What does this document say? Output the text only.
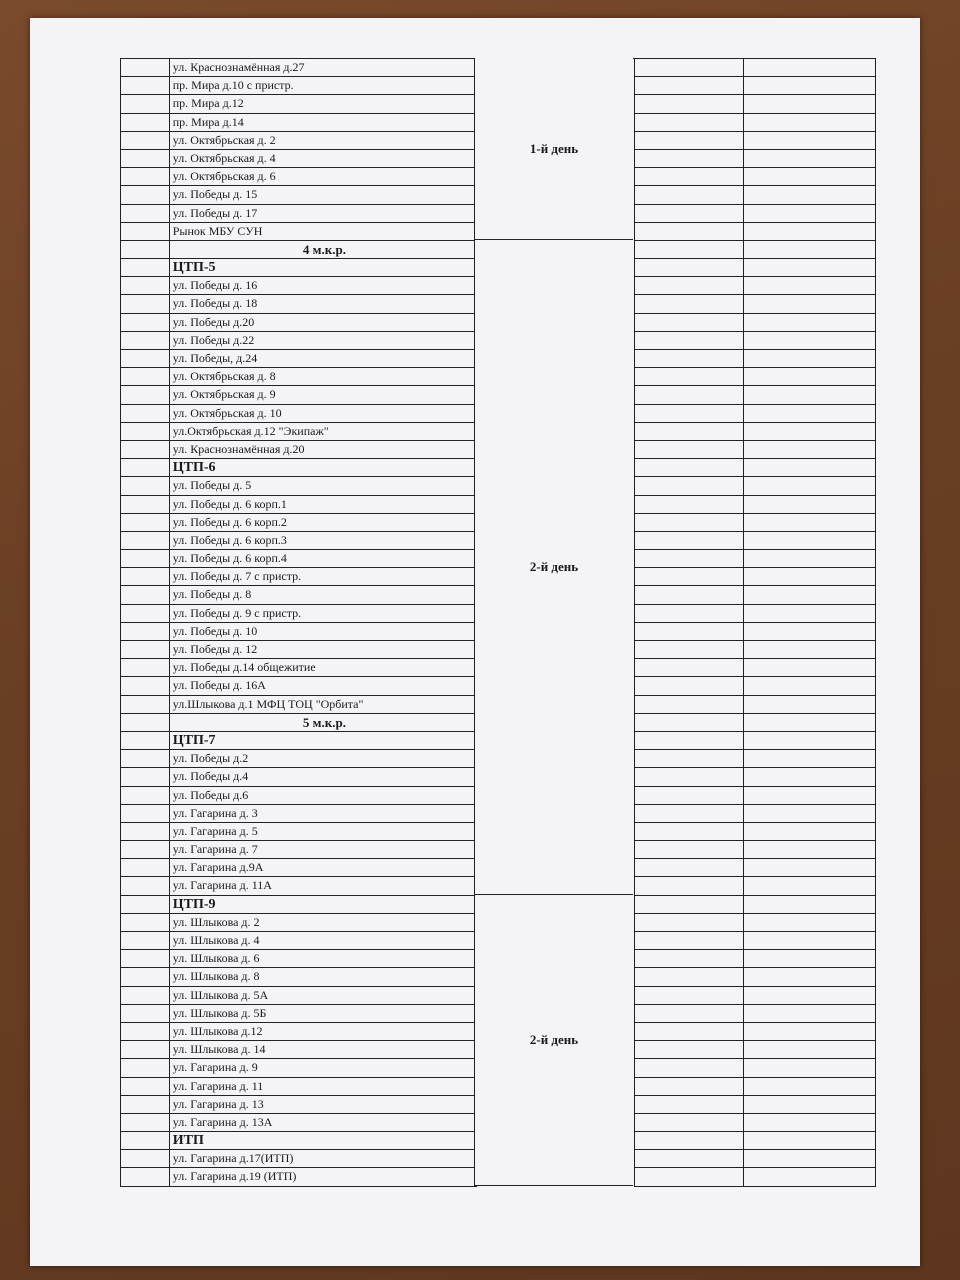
ул. Краснознамённая д.27
пр. Мира д.10 с пристр.
пр. Мира д.12
пр. Мира д.14
ул. Октябрьская д. 2
ул. Октябрьская д. 4
ул. Октябрьская д. 6
ул. Победы д. 15
ул. Победы д. 17
Рынок МБУ СУН
4 м.к.р.
ЦТП-5
ул. Победы д. 16
ул. Победы д. 18
ул. Победы д.20
ул. Победы д.22
ул. Победы, д.24
ул. Октябрьская д. 8
ул. Октябрьская д. 9
ул. Октябрьская д. 10
ул.Октябрьская д.12 "Экипаж"
ул. Краснознамённая д.20
ЦТП-6
ул. Победы д. 5
ул. Победы д. 6 корп.1
ул. Победы д. 6 корп.2
ул. Победы д. 6 корп.3
ул. Победы д. 6 корп.4
ул. Победы д. 7 с пристр.
ул. Победы д. 8
ул. Победы д. 9 с пристр.
ул. Победы д. 10
ул. Победы д. 12
ул. Победы д.14 общежитие
ул. Победы д. 16А
ул.Шлыкова д.1 МФЦ ТОЦ "Орбита"
5 м.к.р.
ЦТП-7
ул. Победы д.2
ул. Победы д.4
ул. Победы д.6
ул. Гагарина д. 3
ул. Гагарина д. 5
ул. Гагарина д. 7
ул. Гагарина д.9А
ул. Гагарина д. 11А
ЦТП-9
ул. Шлыкова д. 2
ул. Шлыкова д. 4
ул. Шлыкова д. 6
ул. Шлыкова д. 8
ул. Шлыкова д. 5А
ул. Шлыкова д. 5Б
ул. Шлыкова д.12
ул. Шлыкова д. 14
ул. Гагарина д. 9
ул. Гагарина д. 11
ул. Гагарина д. 13
ул. Гагарина д. 13А
ИТП
ул. Гагарина д.17(ИТП)
ул. Гагарина д.19 (ИТП)
1-й день
2-й день
2-й день
